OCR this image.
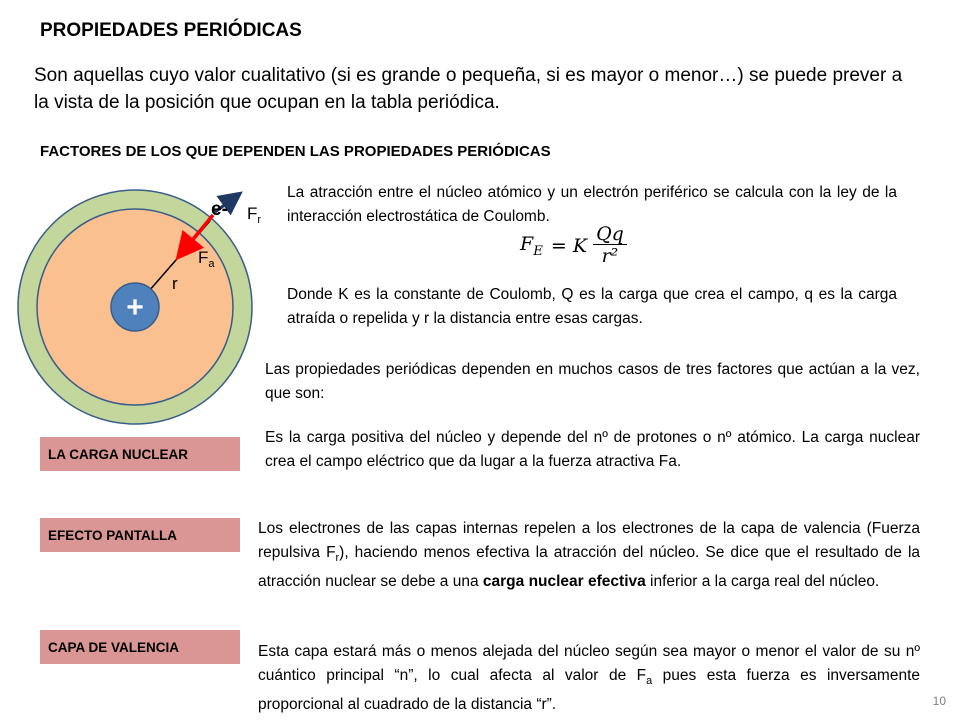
PROPIEDADES PERIÓDICAS
Son aquellas cuyo valor cualitativo (si es grande o pequeña, si es mayor o menor…) se puede prever a la vista de la posición que ocupan en la tabla periódica.
FACTORES DE LOS QUE DEPENDEN LAS PROPIEDADES PERIÓDICAS
+
e- $F_r$
$F_a$
r
La atracción entre el núcleo atómico y un electrón periférico se calcula con la ley de la interacción electrostática de Coulomb.
$F_E = K \frac{Qq}{\text{r²}}$
Donde K es la constante de Coulomb, Q es la carga que crea el campo, q es la carga atraída o repelida y r la distancia entre esas cargas.
Las propiedades periódicas dependen en muchos casos de tres factores que actúan a la vez, que son:
LA CARGA NUCLEAR
Es la carga positiva del núcleo y depende del nº de protones o nº atómico. La carga nuclear crea el campo eléctrico que da lugar a la fuerza atractiva Fa.
EFECTO PANTALLA	Los electrones de las capas internas repelen a los electrones de la capa de valencia (Fuerza repulsiva $F_r$), haciendo menos efectiva la atracción del núcleo. Se dice que el resultado de la atracción nuclear se debe a una carga nuclear efectiva inferior a la carga real del núcleo.
CAPA DE VALENCIA	Esta capa estará más o menos alejada del núcleo según sea mayor o menor el valor de su nº cuántico principal “n”, lo cual afecta al valor de $F_a$ pues esta fuerza es inversamente proporcional al cuadrado de la distancia “r”.	10
